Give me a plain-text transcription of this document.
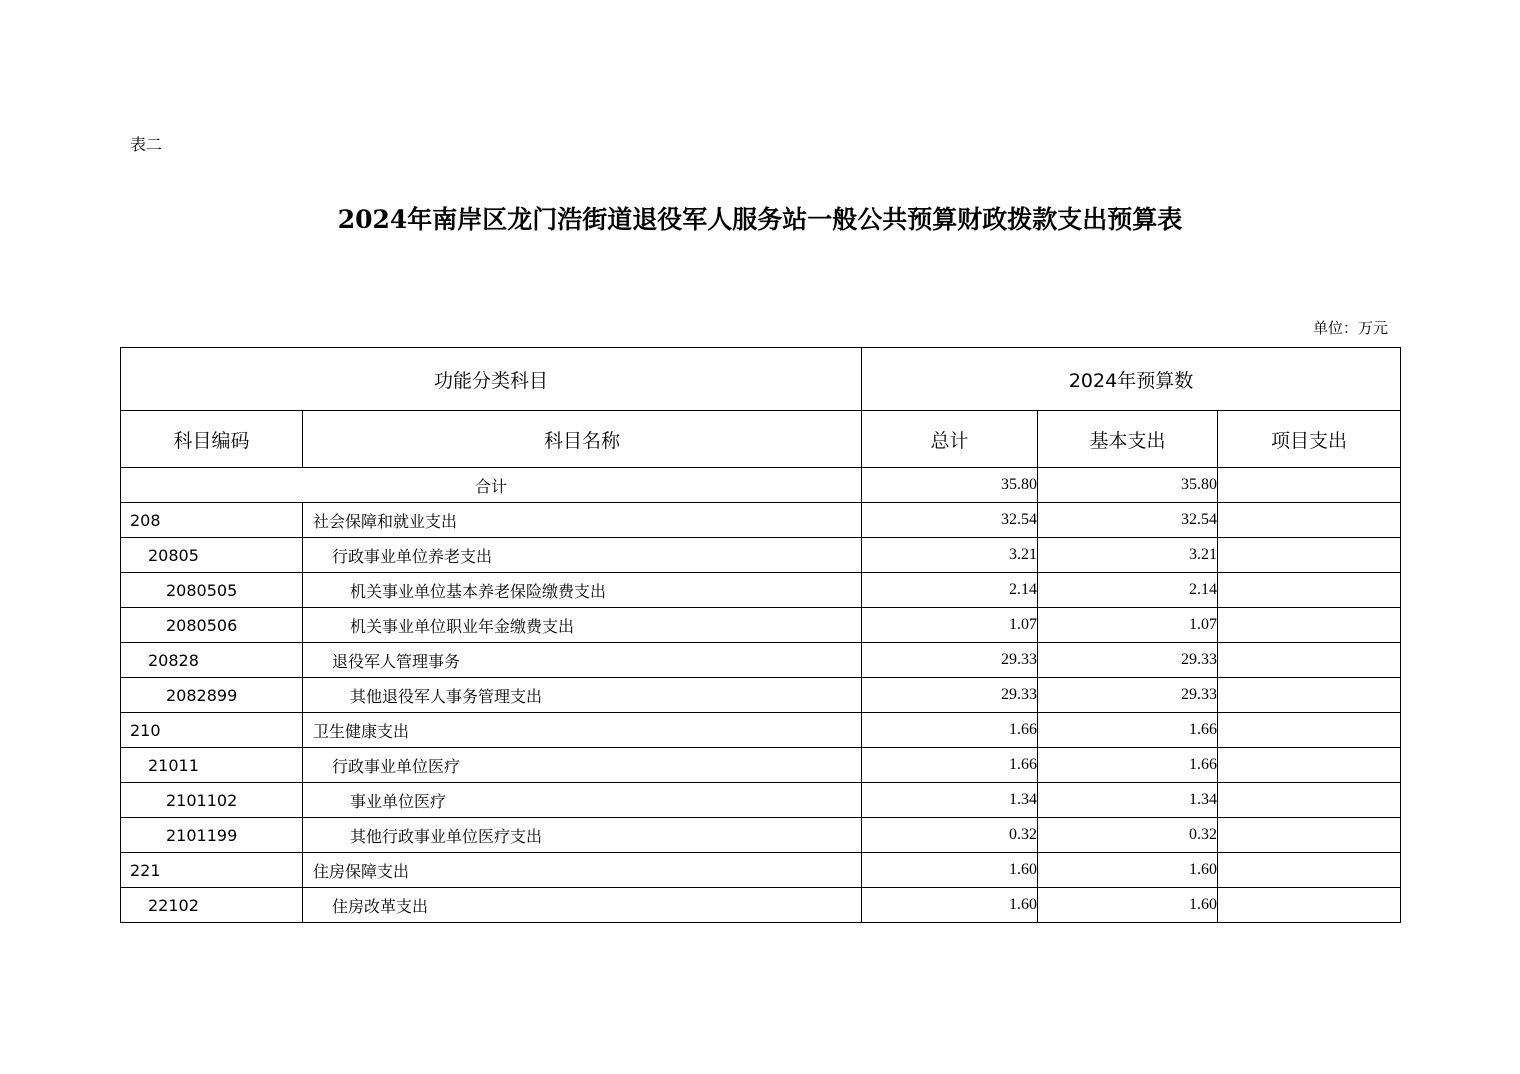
表二
2024年南岸区龙门浩街道退役军人服务站一般公共预算财政拨款支出预算表
单位：万元
功能分类科目		2024年预算数		
科目编码	科目名称	总计	基本支出	项目支出
合计		35.80	35.80	
208	社会保障和就业支出	32.54	32.54	
20805	行政事业单位养老支出	3.21	3.21	
2080505	机关事业单位基本养老保险缴费支出	2.14	2.14	
2080506	机关事业单位职业年金缴费支出	1.07	1.07	
20828	退役军人管理事务	29.33	29.33	
2082899	其他退役军人事务管理支出	29.33	29.33	
210	卫生健康支出	1.66	1.66	
21011	行政事业单位医疗	1.66	1.66	
2101102	事业单位医疗	1.34	1.34	
2101199	其他行政事业单位医疗支出	0.32	0.32	
221	住房保障支出	1.60	1.60	
22102	住房改革支出	1.60	1.60	
